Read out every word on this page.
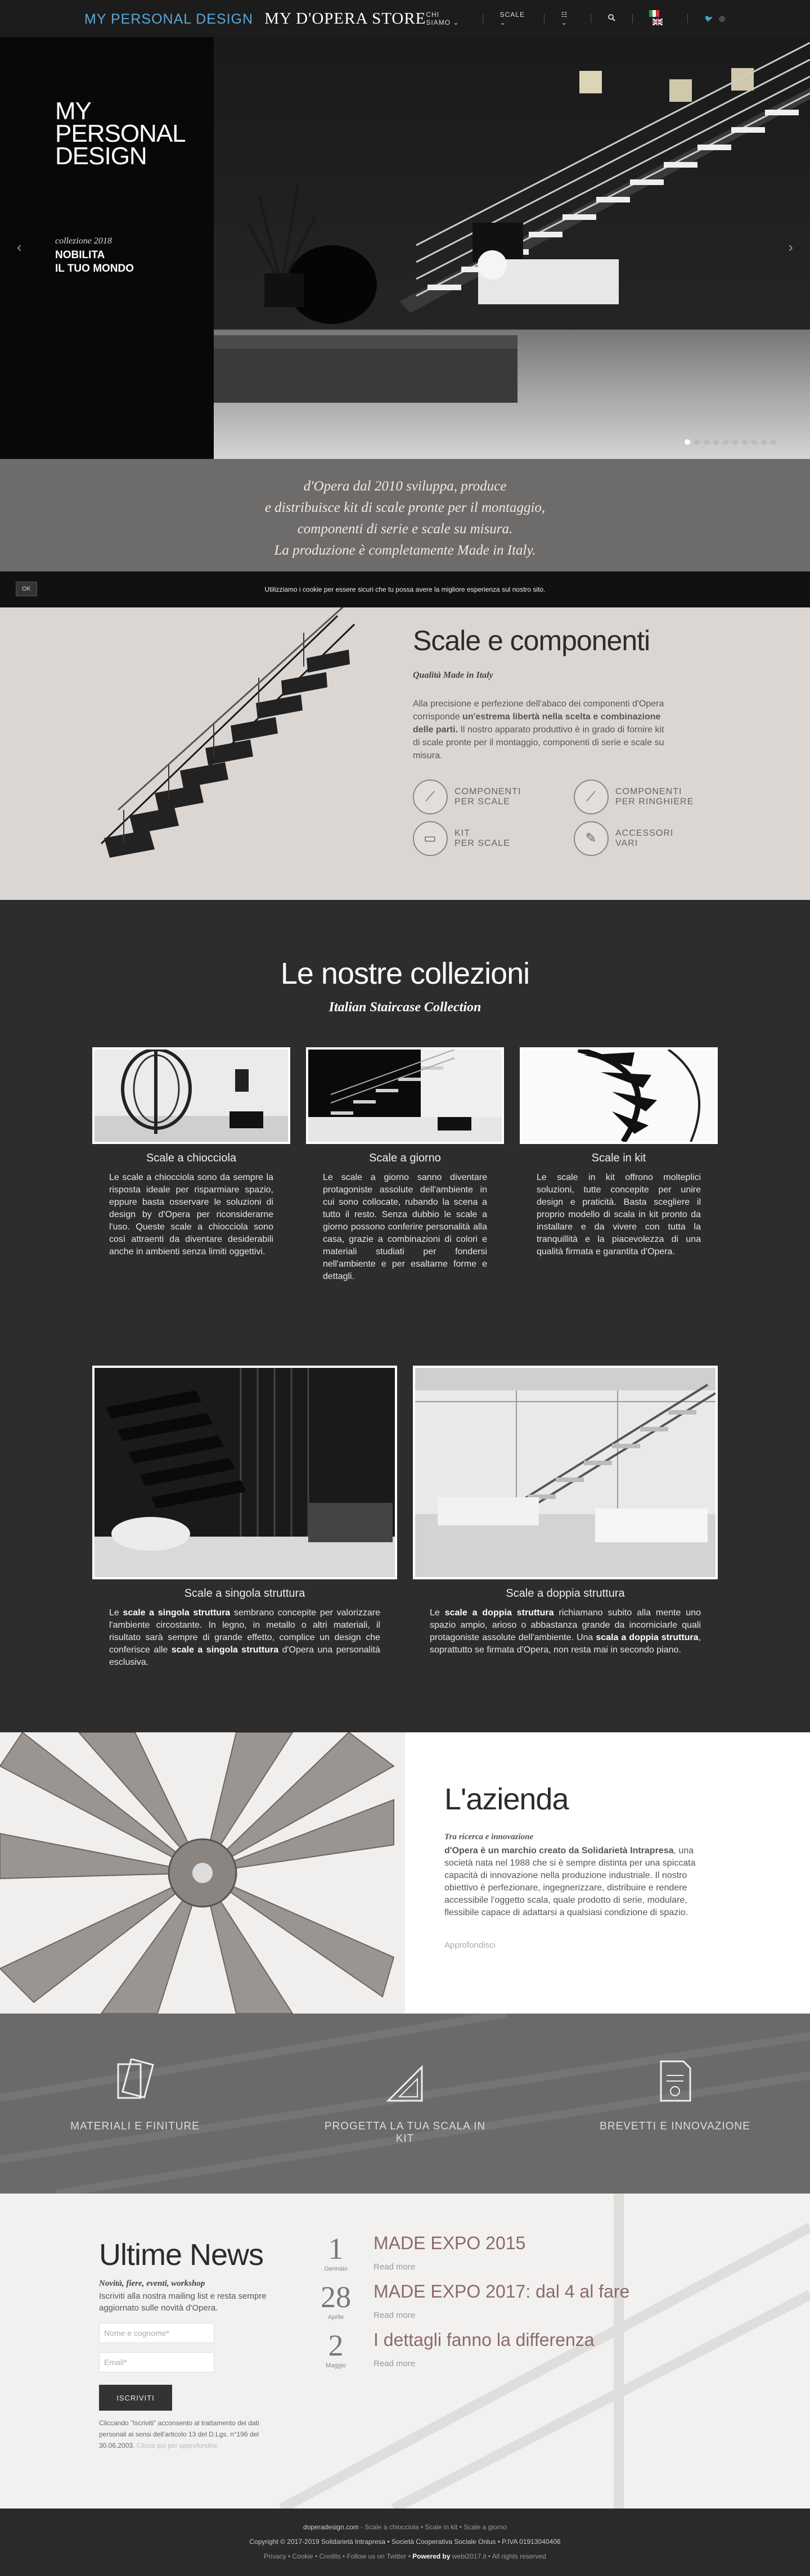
MY PERSONAL DESIGN MY D'OPERA STORE CHI SIAMO ⌄
SCALE ⌄
☷ ⌄
	🐦 ◎
MY
PERSONAL
DESIGN
collezione 2018
NOBILITA
IL TUO MONDO
‹	›
d'Opera dal 2010 sviluppa, produce
e distribuisce kit di scale pronte per il montaggio,
componenti di serie e scale su misura.
La produzione è completamente Made in Italy.
OK	Utilizziamo i cookie per essere sicuri che tu possa avere la migliore esperienza sul nostro sito.
Scale e componenti
Qualità Made in Italy
Alla precisione e perfezione dell'abaco dei componenti d'Opera corrisponde un'estrema libertà nella scelta e combinazione delle parti. Il nostro apparato produttivo è in grado di fornire kit di scale pronte per il montaggio, componenti di serie e scale su misura.
⟋	COMPONENTI
PER SCALE	⟋	COMPONENTI
PER RINGHIERE
▭	KIT
PER SCALE	✎	ACCESSORI
VARI
Le nostre collezioni
Italian Staircase Collection
Scale a chiocciola

Le scale a chiocciola sono da sempre la risposta ideale per risparmiare spazio, eppure basta osservare le soluzioni di design by d'Opera per riconsiderarne l'uso. Queste scale a chiocciola sono così attraenti da diventare desiderabili anche in ambienti senza limiti oggettivi.

Scale a giorno

Le scale a giorno sanno diventare protagoniste assolute dell'ambiente in cui sono collocate, rubando la scena a tutto il resto. Senza dubbio le scale a giorno possono conferire personalità alla casa, grazie a combinazioni di colori e materiali studiati per fondersi nell'ambiente e per esaltarne forme e dettagli.

Scale in kit

Le scale in kit offrono molteplici soluzioni, tutte concepite per unire design e praticità. Basta scegliere il proprio modello di scala in kit pronto da installare e da vivere con tutta la tranquillità e la piacevolezza di una qualità firmata e garantita d'Opera.

Scale a singola struttura

Le scale a singola struttura sembrano concepite per valorizzare l'ambiente circostante. In legno, in metallo o altri materiali, il risultato sarà sempre di grande effetto, complice un design che conferisce alle scale a singola struttura d'Opera una personalità esclusiva.

Scale a doppia struttura

Le scale a doppia struttura richiamano subito alla mente uno spazio ampio, arioso o abbastanza grande da incorniciarle quali protagoniste assolute dell'ambiente. Una scala a doppia struttura, soprattutto se firmata d'Opera, non resta mai in secondo piano.

L'azienda
Tra ricerca e innovazione
d'Opera è un marchio creato da Solidarietà Intrapresa, una società nata nel 1988 che si è sempre distinta per una spiccata capacità di innovazione nella produzione industriale. Il nostro obiettivo è perfezionare, ingegnerizzare, distribuire e rendere accessibile l'oggetto scala, quale prodotto di serie, modulare, flessibile capace di adattarsi a qualsiasi condizione di spazio.
Approfondisci
MATERIALI E FINITURE	PROGETTA LA TUA SCALA IN KIT
BREVETTI E INNOVAZIONE
Ultime News
Novità, fiere, eventi, workshop
Iscriviti alla nostra mailing list e resta sempre aggiornato sulle novità d'Opera.
Nome e cognome*
Email*
ISCRIVITI
Cliccando "Iscriviti" acconsento al trattamento dei dati personali ai sensi dell'articolo 13 del D.Lgs. n°196 del 30.06.2003. Clicca qui per approfondire.
1
Gennaio
MADE EXPO 2015
Read more
28
Aprile
MADE EXPO 2017: dal 4 al fare
Read more
2
Maggio
I dettagli fanno la differenza
Read more
doperadesign.com - Scale a chiocciola • Scale in kit • Scale a giorno
Copyright © 2017-2019 Solidarietà Intrapresa • Società Cooperativa Sociale Onlus • P.IVA 01913040406
Privacy • Cookie • Credits • Follow us on Twitter • Powered by webi2017.it • All rights reserved
